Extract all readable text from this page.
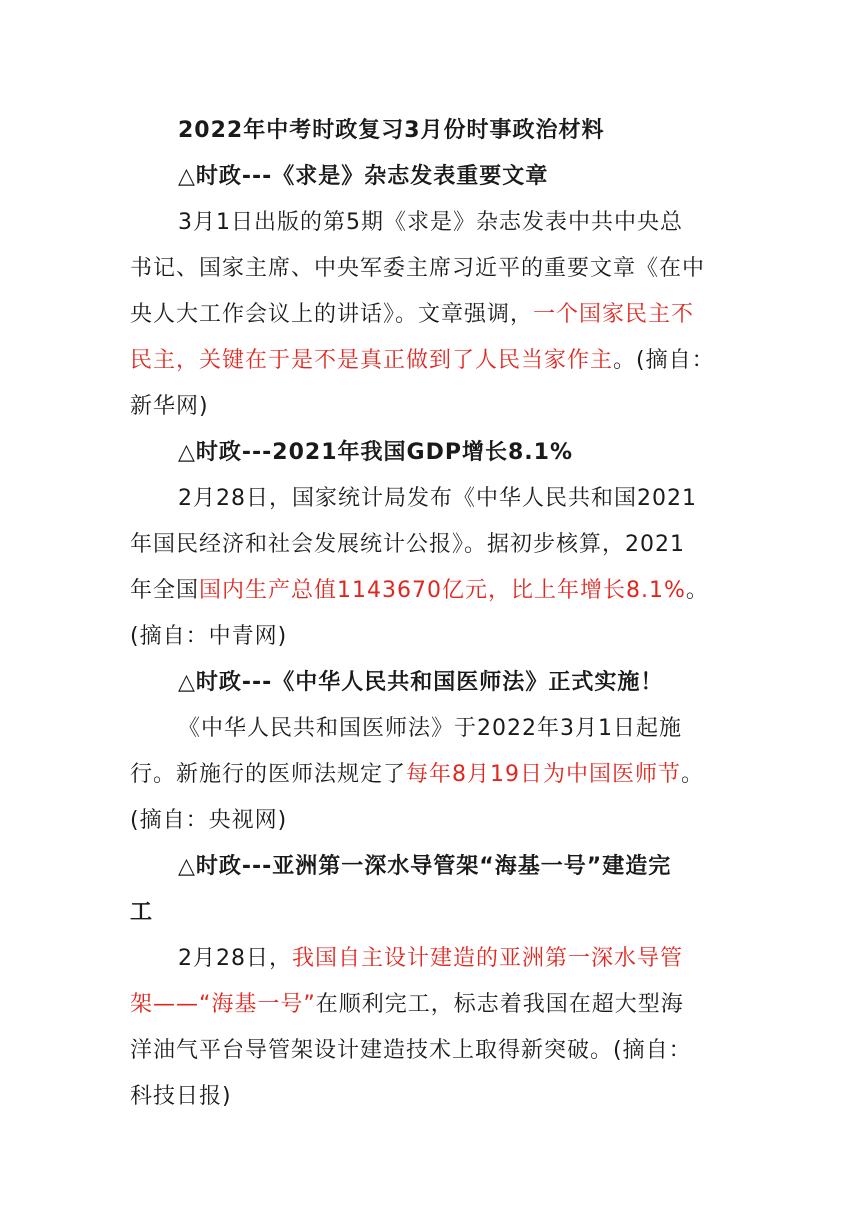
2022年中考时政复习3月份时事政治材料
△时政---《求是》杂志发表重要文章
3月1日出版的第5期《求是》杂志发表中共中央总
书记、国家主席、中央军委主席习近平的重要文章《在中
央人大工作会议上的讲话》。文章强调，一个国家民主不
民主，关键在于是不是真正做到了人民当家作主。(摘自：
新华网)
△时政---2021年我国GDP增长8.1%
2月28日，国家统计局发布《中华人民共和国2021
年国民经济和社会发展统计公报》。据初步核算，2021
年全国国内生产总值1143670亿元，比上年增长8.1%。
(摘自：中青网)
△时政---《中华人民共和国医师法》正式实施！
《中华人民共和国医师法》于2022年3月1日起施
行。新施行的医师法规定了每年8月19日为中国医师节。
(摘自：央视网)
△时政---亚洲第一深水导管架“海基一号”建造完
工
2月28日，我国自主设计建造的亚洲第一深水导管
架——“海基一号”在顺利完工，标志着我国在超大型海
洋油气平台导管架设计建造技术上取得新突破。(摘自：
科技日报)
